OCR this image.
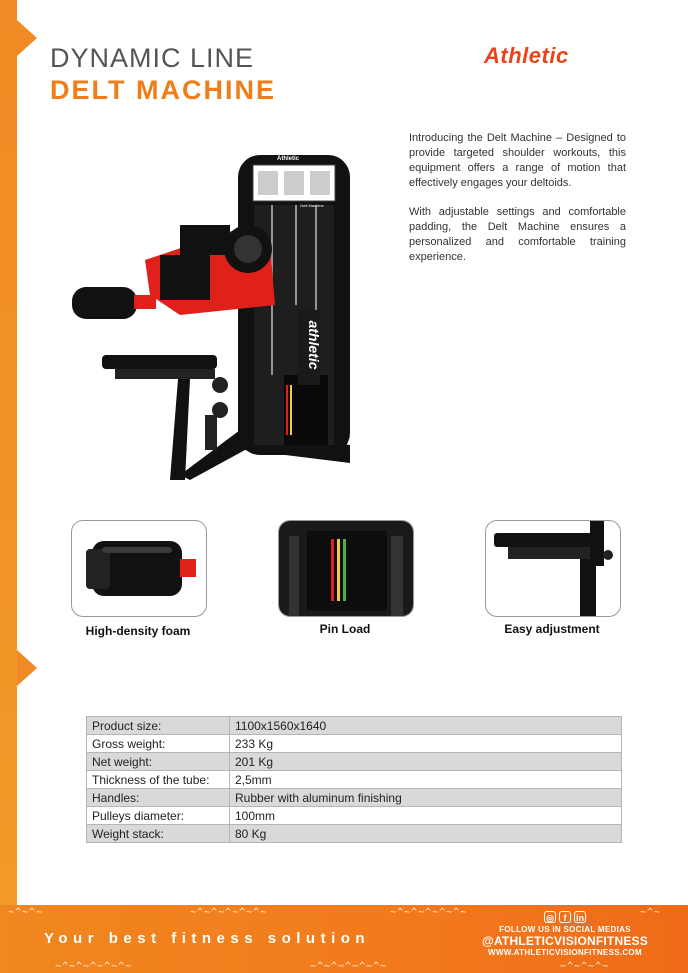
DYNAMIC LINE
DELT MACHINE
Athletic

Introducing the Delt Machine – Designed to provide targeted shoulder workouts, this equipment offers a range of motion that effectively engages your deltoids.

With adjustable settings and comfortable padding, the Delt Machine ensures a personalized and comfortable training experience.

Athletic
Delt Machine
athletic
High-density foam	Pin Load	Easy adjustment
Product size:	1100x1560x1640
Gross weight:	233 Kg
Net weight:	201 Kg
Thickness of the tube:	2,5mm
Handles:	Rubber with aluminum finishing
Pulleys diameter:	100mm
Weight stack:	80 Kg
~^~^~	~^~^~^~^~^~	~^~^~^~^~^~	~^~
~^~^~^~^~^~	~^~^~^~^~^~	~^~^~^~
Your best fitness solution
◎	f	in
FOLLOW US IN SOCIAL MEDIAS
@ATHLETICVISIONFITNESS
WWW.ATHLETICVISIONFITNESS.COM
